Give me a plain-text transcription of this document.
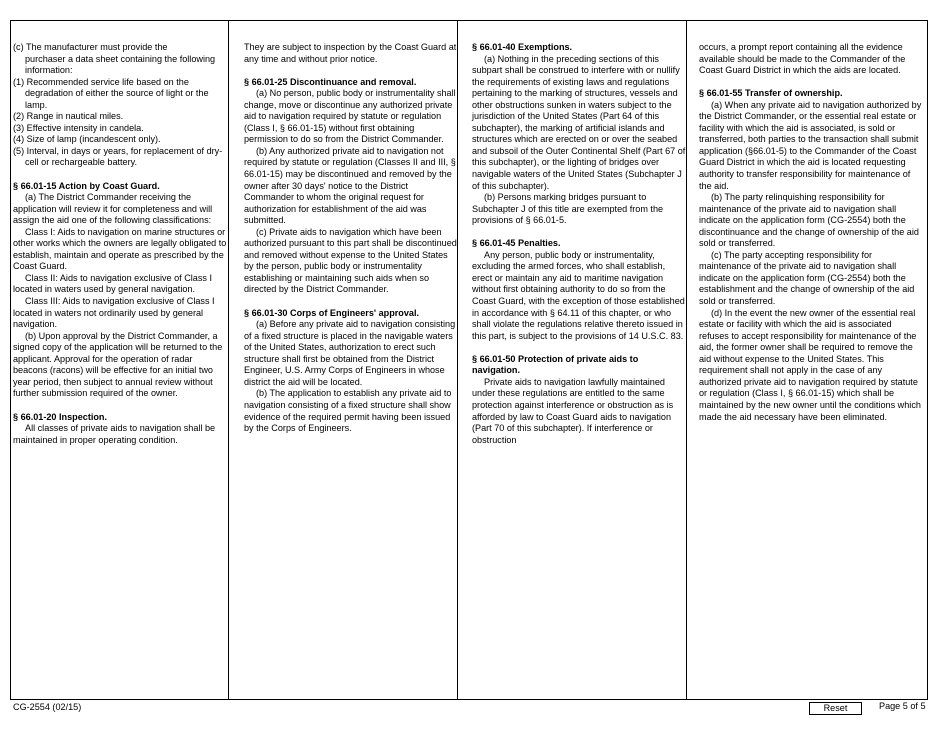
(c) The manufacturer must provide the

purchaser a data sheet containing the following information:

(1) Recommended service life based on the degradation of either the source of light or the lamp.

(2) Range in nautical miles.

(3) Effective intensity in candela.

(4) Size of lamp (incandescent only).

(5) Interval, in days or years, for replacement of dry-cell or rechargeable battery.

§ 66.01-15 Action by Coast Guard.

(a) The District Commander receiving the application will review it for completeness and will assign the aid one of the following classifications:

Class I: Aids to navigation on marine structures or other works which the owners are legally obligated to establish, maintain and operate as prescribed by the Coast Guard.

Class II: Aids to navigation exclusive of Class I located in waters used by general navigation.

Class III: Aids to navigation exclusive of Class I located in waters not ordinarily used by general navigation.

(b) Upon approval by the District Commander, a signed copy of the application will be returned to the applicant. Approval for the operation of radar beacons (racons) will be effective for an initial two year period, then subject to annual review without further submission required of the owner.

§ 66.01-20 Inspection.

All classes of private aids to navigation shall be maintained in proper operating condition.

They are subject to inspection by the Coast Guard at any time and without prior notice.

§ 66.01-25 Discontinuance and removal.

(a) No person, public body or instrumentality shall change, move or discontinue any authorized private aid to navigation required by statute or regulation (Class I, § 66.01-15) without first obtaining permission to do so from the District Commander.

(b) Any authorized private aid to navigation not required by statute or regulation (Classes II and III, § 66.01-15) may be discontinued and removed by the owner after 30 days' notice to the District Commander to whom the original request for authorization for establishment of the aid was submitted.

(c) Private aids to navigation which have been authorized pursuant to this part shall be discontinued and removed without expense to the United States by the person, public body or instrumentality establishing or maintaining such aids when so directed by the District Commander.

§ 66.01-30 Corps of Engineers' approval.

(a) Before any private aid to navigation consisting of a fixed structure is placed in the navigable waters of the United States, authorization to erect such structure shall first be obtained from the District Engineer, U.S. Army Corps of Engineers in whose district the aid will be located.

(b) The application to establish any private aid to navigation consisting of a fixed structure shall show evidence of the required permit having been issued by the Corps of Engineers.

§ 66.01-40 Exemptions.

(a) Nothing in the preceding sections of this subpart shall be construed to interfere with or nullify the requirements of existing laws and regulations pertaining to the marking of structures, vessels and other obstructions sunken in waters subject to the jurisdiction of the United States (Part 64 of this subchapter), the marking of artificial islands and structures which are erected on or over the seabed and subsoil of the Outer Continental Shelf (Part 67 of this subchapter), or the lighting of bridges over navigable waters of the United States (Subchapter J of this subchapter).

(b) Persons marking bridges pursuant to Subchapter J of this title are exempted from the provisions of § 66.01-5.

§ 66.01-45 Penalties.

Any person, public body or instrumentality, excluding the armed forces, who shall establish, erect or maintain any aid to maritime navigation without first obtaining authority to do so from the Coast Guard, with the exception of those established in accordance with § 64.11 of this chapter, or who shall violate the regulations relative thereto issued in this part, is subject to the provisions of 14 U.S.C. 83.

§ 66.01-50 Protection of private aids to navigation.

Private aids to navigation lawfully maintained under these regulations are entitled to the same protection against interference or obstruction as is afforded by law to Coast Guard aids to navigation (Part 70 of this subchapter). If interference or obstruction

occurs, a prompt report containing all the evidence available should be made to the Commander of the Coast Guard District in which the aids are located.

§ 66.01-55 Transfer of ownership.

(a) When any private aid to navigation authorized by the District Commander, or the essential real estate or facility with which the aid is associated, is sold or transferred, both parties to the transaction shall submit application (§66.01-5) to the Commander of the Coast Guard District in which the aid is located requesting authority to transfer responsibility for maintenance of the aid.

(b) The party relinquishing responsibility for maintenance of the private aid to navigation shall indicate on the application form (CG-2554) both the discontinuance and the change of ownership of the aid sold or transferred.

(c) The party accepting responsibility for maintenance of the private aid to navigation shall indicate on the application form (CG-2554) both the establishment and the change of ownership of the aid sold or transferred.

(d) In the event the new owner of the essential real estate or facility with which the aid is associated refuses to accept responsibility for maintenance of the aid, the former owner shall be required to remove the aid without expense to the United States. This requirement shall not apply in the case of any authorized private aid to navigation required by statute or regulation (Class I, § 66.01-15) which shall be maintained by the new owner until the conditions which made the aid necessary have been eliminated.

CG-2554 (02/15)	Reset	Page 5 of 5
